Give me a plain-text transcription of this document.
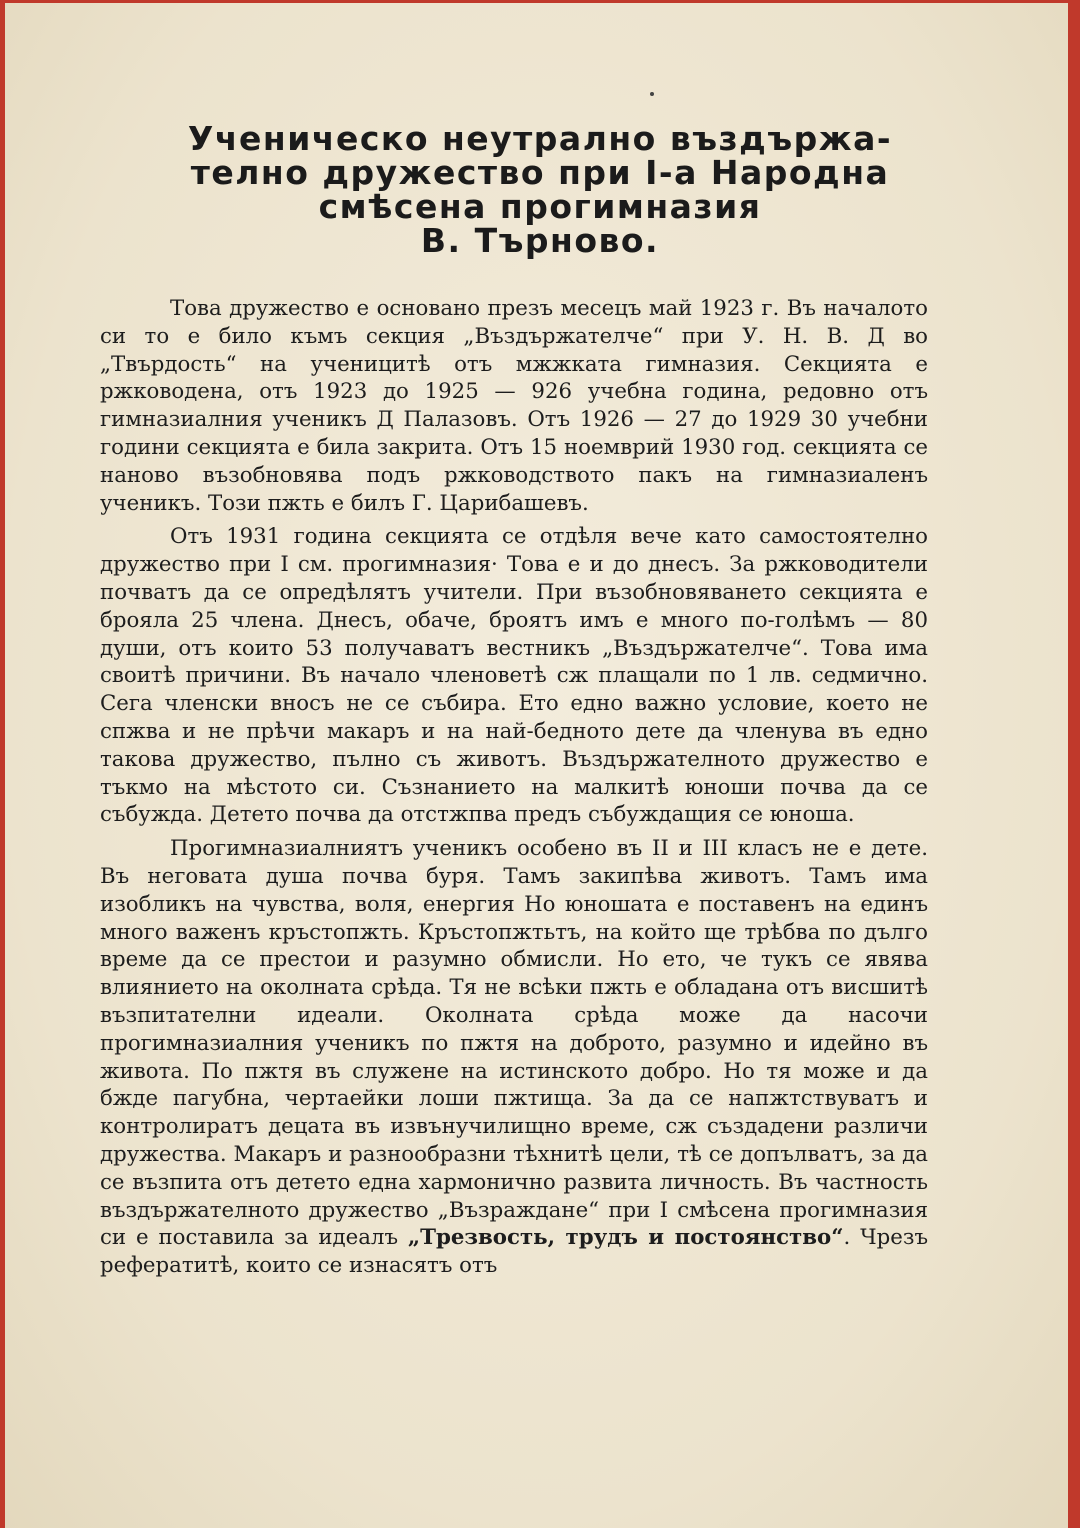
Ученическо неутрално въздържа-
телно дружество при I-а Народна
смѣсена прогимназия
В. Търново.

Това дружество е основано презъ месецъ май 1923 г. Въ началото си то е било къмъ секция „Въздържателче“ при У. Н. В. Д во „Твърдость“ на ученицитѣ отъ мжжката гимназия. Секцията е ржководена, отъ 1923 до 1925 — 926 учебна година, редовно отъ гимназиалния ученикъ Д Палазовъ. Отъ 1926 — 27 до 1929 30 учебни години секцията е била закрита. Отъ 15 ноемврий 1930 год. секцията се наново възобновява подъ ржководството пакъ на гимназиаленъ ученикъ. Този пжть е билъ Г. Царибашевъ.

Отъ 1931 година секцията се отдѣля вече като самостоятелно дружество при I см. прогимназия· Това е и до днесъ. За ржководители почватъ да се опредѣлятъ учители. При възобновяването секцията е брояла 25 члена. Днесъ, обаче, броятъ имъ е много по-голѣмъ — 80 души, отъ които 53 получаватъ вестникъ „Въздържателче“. Това има своитѣ причини. Въ начало членоветѣ сж плащали по 1 лв. седмично. Сега членски вносъ не се събира. Ето едно важно условие, което не спжва и не прѣчи макаръ и на най-бедното дете да членува въ едно такова дружество, пълно съ животъ. Въздържателното дружество е тъкмо на мѣстото си. Съзнанието на малкитѣ юноши почва да се събужда. Детето почва да отстжпва предъ събуждащия се юноша.

Прогимназиалниятъ ученикъ особено въ II и III класъ не е дете. Въ неговата душа почва буря. Тамъ закипѣва животъ. Тамъ има изобликъ на чувства, воля, енергия Но юношата е поставенъ на единъ много важенъ кръстопжть. Кръстопжтьтъ, на който ще трѣбва по дълго време да се престои и разумно обмисли. Но ето, че тукъ се явява влиянието на околната срѣда. Тя не всѣки пжть е обладана отъ висшитѣ възпитателни идеали. Околната срѣда може да насочи прогимназиалния ученикъ по пжтя на доброто, разумно и идейно въ живота. По пжтя въ служене на истинското добро. Но тя може и да бжде пагубна, чертаейки лоши пжтища. За да се напжтствуватъ и контролиратъ децата въ извънучилищно време, сж създадени различи дружества. Макаръ и разнообразни тѣхнитѣ цели, тѣ се допълватъ, за да се възпита отъ детето една хармонично развита личность. Въ частность въздържателното дружество „Възраждане“ при I смѣсена прогимназия си е поставила за идеалъ „Трезвость, трудъ и постоянство“. Чрезъ рефератитѣ, които се изнасятъ отъ
